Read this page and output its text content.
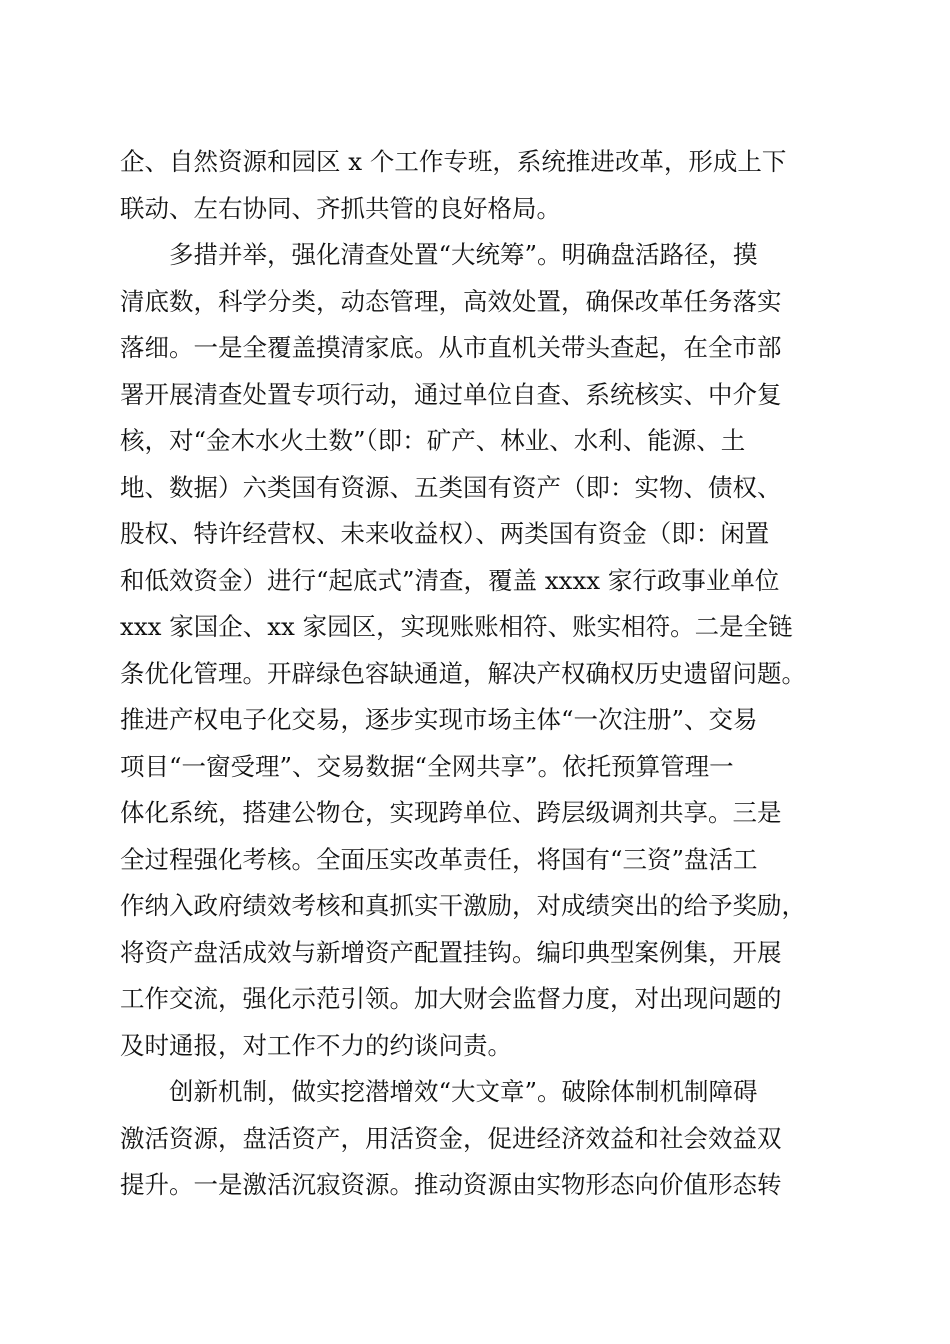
企、自然资源和园区 x 个工作专班，系统推进改革，形成上下
联动、左右协同、齐抓共管的良好格局。
多措并举，强化清查处置“大统筹”。明确盘活路径，摸
清底数，科学分类，动态管理，高效处置，确保改革任务落实
落细。一是全覆盖摸清家底。从市直机关带头查起，在全市部
署开展清查处置专项行动，通过单位自查、系统核实、中介复
核，对“金木水火土数”（即：矿产、林业、水利、能源、土
地、数据）六类国有资源、五类国有资产（即：实物、债权、
股权、特许经营权、未来收益权）、两类国有资金（即：闲置
和低效资金）进行“起底式”清查，覆盖 xxxx 家行政事业单位
xxx 家国企、xx 家园区，实现账账相符、账实相符。二是全链
条优化管理。开辟绿色容缺通道，解决产权确权历史遗留问题。
推进产权电子化交易，逐步实现市场主体“一次注册”、交易
项目“一窗受理”、交易数据“全网共享”。依托预算管理一
体化系统，搭建公物仓，实现跨单位、跨层级调剂共享。三是
全过程强化考核。全面压实改革责任，将国有“三资”盘活工
作纳入政府绩效考核和真抓实干激励，对成绩突出的给予奖励，
将资产盘活成效与新增资产配置挂钩。编印典型案例集，开展
工作交流，强化示范引领。加大财会监督力度，对出现问题的
及时通报，对工作不力的约谈问责。
创新机制，做实挖潜增效“大文章”。破除体制机制障碍
激活资源，盘活资产，用活资金，促进经济效益和社会效益双
提升。一是激活沉寂资源。推动资源由实物形态向价值形态转
